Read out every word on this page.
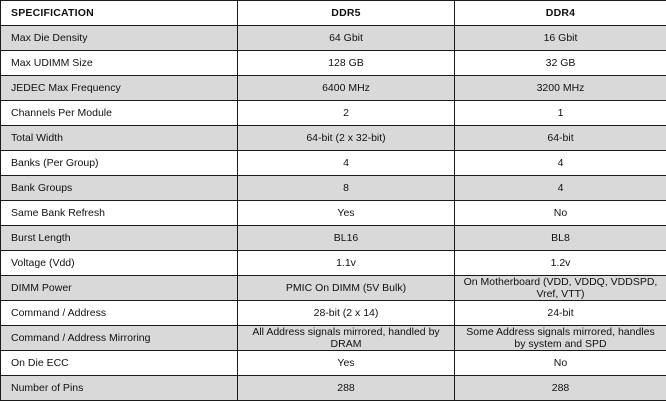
SPECIFICATION	DDR5	DDR4
Max Die Density	64 Gbit	16 Gbit
Max UDIMM Size	128 GB	32 GB
JEDEC Max Frequency	6400 MHz	3200 MHz
Channels Per Module	2	1
Total Width	64-bit (2 x 32-bit)	64-bit
Banks (Per Group)	4	4
Bank Groups	8	4
Same Bank Refresh	Yes	No
Burst Length	BL16	BL8
Voltage (Vdd)	1.1v	1.2v
DIMM Power	PMIC On DIMM (5V Bulk)	On Motherboard (VDD, VDDQ, VDDSPD, Vref, VTT)
Command / Address	28-bit (2 x 14)	24-bit
Command / Address Mirroring	All Address signals mirrored, handled by DRAM	Some Address signals mirrored, handles by system and SPD
On Die ECC	Yes	No
Number of Pins	288	288
